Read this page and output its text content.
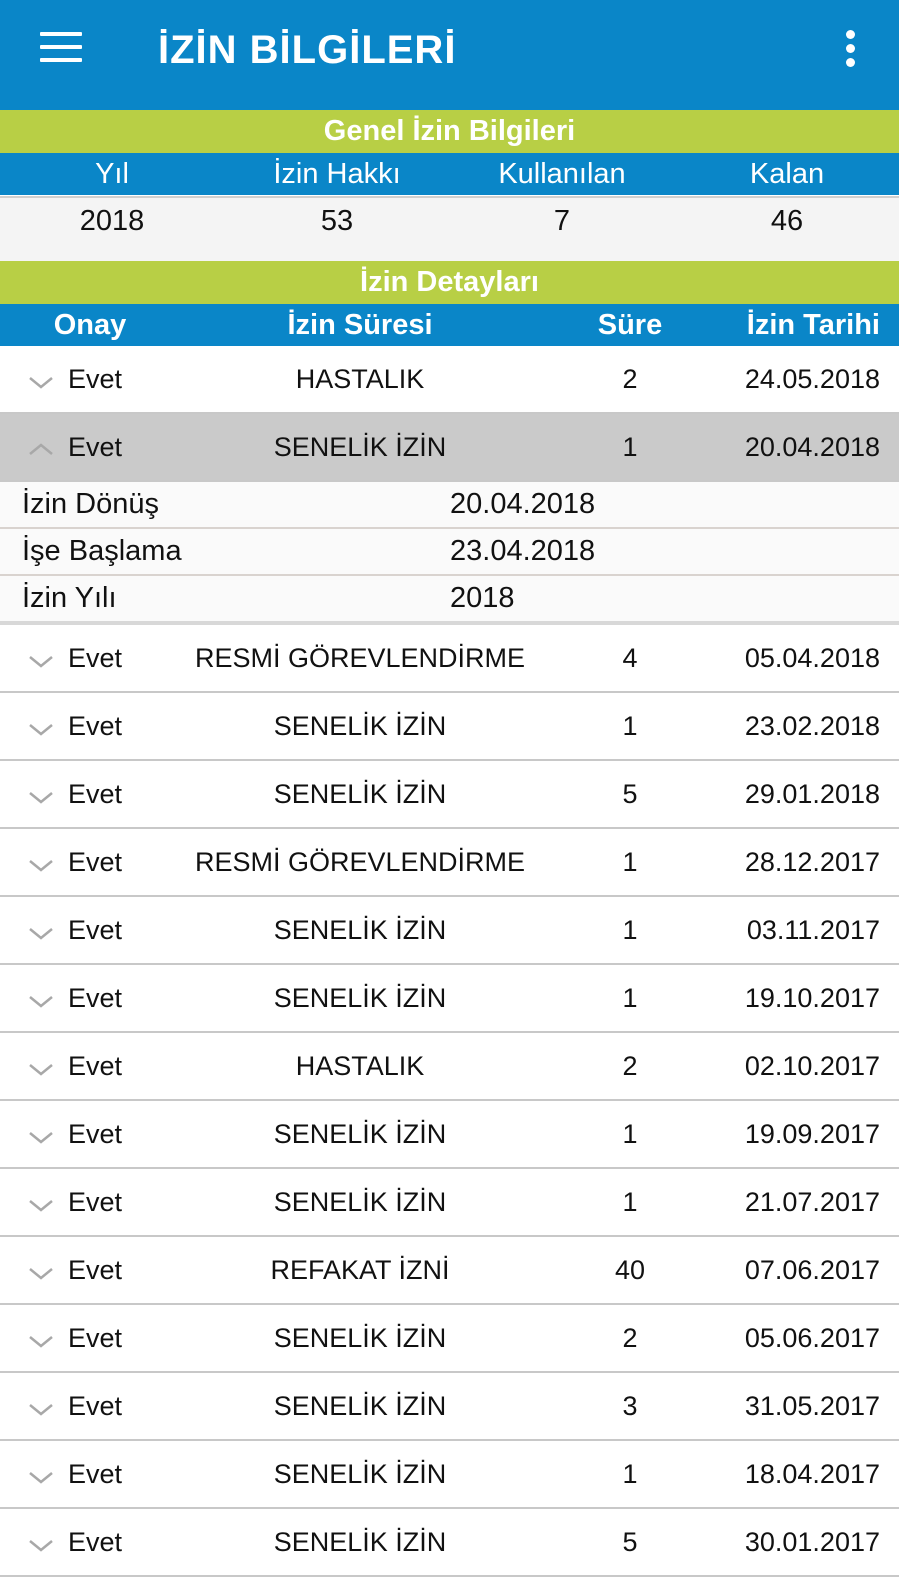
İZİN BİLGİLERİ
Genel İzin Bilgileri
Yıl	İzin Hakkı	Kullanılan	Kalan
2018	53	7	46
İzin Detayları
Onay	İzin Süresi	Süre	İzin Tarihi
Evet	HASTALIK	2	24.05.2018
Evet	SENELİK İZİN	1	20.04.2018
İzin Dönüş	20.04.2018
İşe Başlama	23.04.2018
İzin Yılı	2018
Evet	RESMİ GÖREVLENDİRME	4	05.04.2018
Evet	SENELİK İZİN	1	23.02.2018
Evet	SENELİK İZİN	5	29.01.2018
Evet	RESMİ GÖREVLENDİRME	1	28.12.2017
Evet	SENELİK İZİN	1	03.11.2017
Evet	SENELİK İZİN	1	19.10.2017
Evet	HASTALIK	2	02.10.2017
Evet	SENELİK İZİN	1	19.09.2017
Evet	SENELİK İZİN	1	21.07.2017
Evet	REFAKAT İZNİ	40	07.06.2017
Evet	SENELİK İZİN	2	05.06.2017
Evet	SENELİK İZİN	3	31.05.2017
Evet	SENELİK İZİN	1	18.04.2017
Evet	SENELİK İZİN	5	30.01.2017
